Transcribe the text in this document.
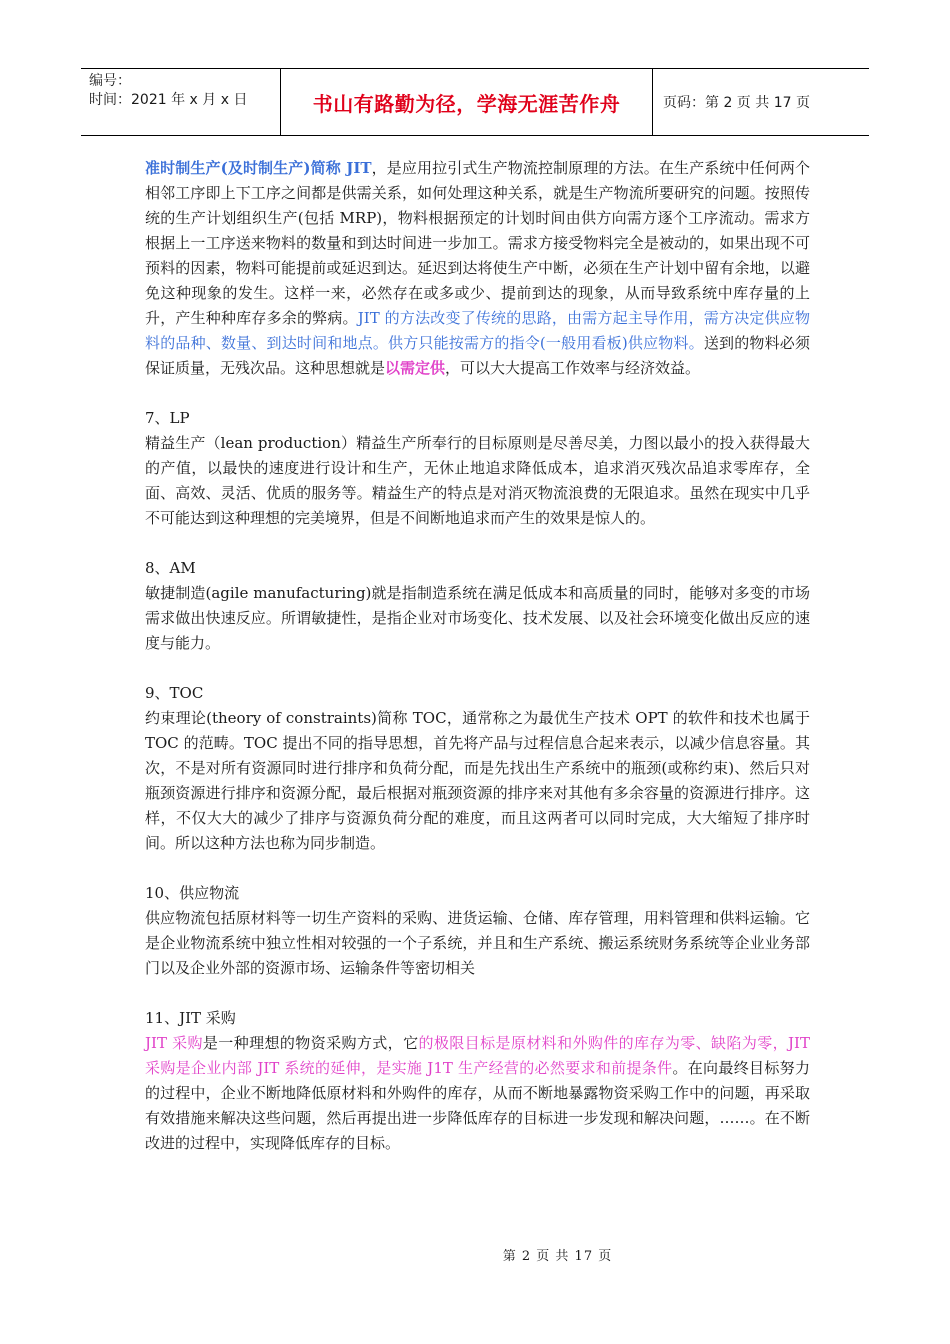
编号：
时间：2021 年 x 月 x 日	书山有路勤为径，学海无涯苦作舟	页码：第 2 页 共 17 页

准时制生产(及时制生产)简称 JIT，是应用拉引式生产物流控制原理的方法。在生产系统中任何两个相邻工序即上下工序之间都是供需关系，如何处理这种关系，就是生产物流所要研究的问题。按照传统的生产计划组织生产(包括 MRP)，物料根据预定的计划时间由供方向需方逐个工序流动。需求方根据上一工序送来物料的数量和到达时间进一步加工。需求方接受物料完全是被动的，如果出现不可预料的因素，物料可能提前或延迟到达。延迟到达将使生产中断，必须在生产计划中留有余地，以避免这种现象的发生。这样一来，必然存在或多或少、提前到达的现象，从而导致系统中库存量的上升，产生种种库存多余的弊病。JIT 的方法改变了传统的思路，由需方起主导作用，需方决定供应物料的品种、数量、到达时间和地点。供方只能按需方的指令(一般用看板)供应物料。送到的物料必须保证质量，无残次品。这种思想就是以需定供，可以大大提高工作效率与经济效益。

7、LP

精益生产（lean production）精益生产所奉行的目标原则是尽善尽美，力图以最小的投入获得最大的产值，以最快的速度进行设计和生产，无休止地追求降低成本，追求消灭残次品追求零库存，全面、高效、灵活、优质的服务等。精益生产的特点是对消灭物流浪费的无限追求。虽然在现实中几乎不可能达到这种理想的完美境界，但是不间断地追求而产生的效果是惊人的。

8、AM

敏捷制造(agile manufacturing)就是指制造系统在满足低成本和高质量的同时，能够对多变的市场需求做出快速反应。所谓敏捷性，是指企业对市场变化、技术发展、以及社会环境变化做出反应的速度与能力。

9、TOC

约束理论(theory of constraints)简称 TOC，通常称之为最优生产技术 OPT 的软件和技术也属于 TOC 的范畴。TOC 提出不同的指导思想，首先将产品与过程信息合起来表示，以减少信息容量。其次，不是对所有资源同时进行排序和负荷分配，而是先找出生产系统中的瓶颈(或称约束)、然后只对瓶颈资源进行排序和资源分配，最后根据对瓶颈资源的排序来对其他有多余容量的资源进行排序。这样，不仅大大的减少了排序与资源负荷分配的难度，而且这两者可以同时完成，大大缩短了排序时间。所以这种方法也称为同步制造。

10、供应物流

供应物流包括原材料等一切生产资料的采购、进货运输、仓储、库存管理，用料管理和供料运输。它是企业物流系统中独立性相对较强的一个子系统，并且和生产系统、搬运系统财务系统等企业业务部门以及企业外部的资源市场、运输条件等密切相关

11、JIT 采购

JIT 采购是一种理想的物资采购方式，它的极限目标是原材料和外购件的库存为零、缺陷为零，JIT 采购是企业内部 JIT 系统的延伸，是实施 J1T 生产经营的必然要求和前提条件。在向最终目标努力的过程中，企业不断地降低原材料和外购件的库存，从而不断地暴露物资采购工作中的问题，再采取有效措施来解决这些问题，然后再提出进一步降低库存的目标进一步发现和解决问题，……。在不断改进的过程中，实现降低库存的目标。

第 2 页 共 17 页
